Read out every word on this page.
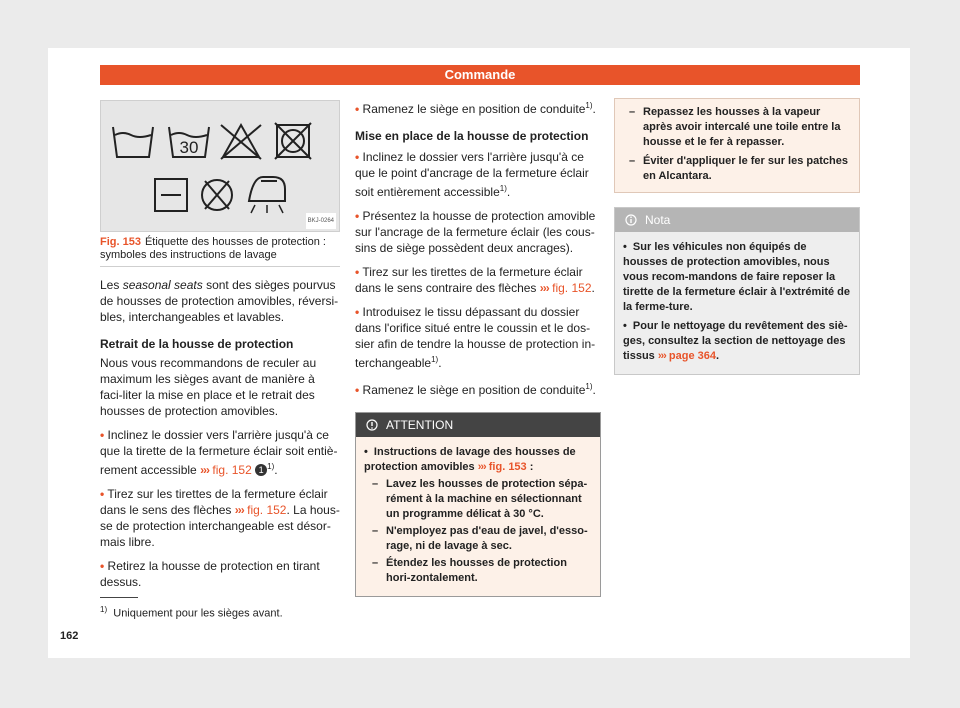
Commande
30
BKJ-0264
Fig. 153 Étiquette des housses de protection : symboles des instructions de lavage

Les seasonal seats sont des sièges pourvus de housses de protection amovibles, réversi-bles, interchangeables et lavables.

Retrait de la housse de protection

Nous vous recommandons de reculer au maximum les sièges avant de manière à faci-liter la mise en place et le retrait des housses de protection amovibles.

• Inclinez le dossier vers l'arrière jusqu'à ce que la tirette de la fermeture éclair soit entiè-rement accessible ››› fig. 152 1 $^{1)}$.

• Tirez sur les tirettes de la fermeture éclair dans le sens des flèches ››› fig. 152. La hous-se de protection interchangeable est désor-mais libre.

• Retirez la housse de protection en tirant dessus.

• Ramenez le siège en position de conduite$^{1)}$.

Mise en place de la housse de protection

• Inclinez le dossier vers l'arrière jusqu'à ce que le point d'ancrage de la fermeture éclair soit entièrement accessible$^{1)}$.

• Présentez la housse de protection amovible sur l'ancrage de la fermeture éclair (les cous-sins de siège possèdent deux ancrages).

• Tirez sur les tirettes de la fermeture éclair dans le sens contraire des flèches ››› fig. 152.

• Introduisez le tissu dépassant du dossier dans l'orifice situé entre le coussin et le dos-sier afin de tendre la housse de protection in-terchangeable$^{1)}$.

• Ramenez le siège en position de conduite$^{1)}$.

ATTENTION

• Instructions de lavage des housses de protection amovibles ››› fig. 153 :

– Lavez les housses de protection sépa-rément à la machine en sélectionnant un programme délicat à 30 °C.
– N'employez pas d'eau de javel, d'esso-rage, ni de lavage à sec.
– Étendez les housses de protection hori-zontalement.
– Repassez les housses à la vapeur après avoir intercalé une toile entre la housse et le fer à repasser.
– Éviter d'appliquer le fer sur les patches en Alcantara.
Nota

• Sur les véhicules non équipés de housses de protection amovibles, nous vous recom-mandons de faire reposer la tirette de la fermeture éclair à l'extrémité de la ferme-ture.

• Pour le nettoyage du revêtement des siè-ges, consultez la section de nettoyage des tissus ››› page 364.

$^{1)}$ Uniquement pour les sièges avant.
162
